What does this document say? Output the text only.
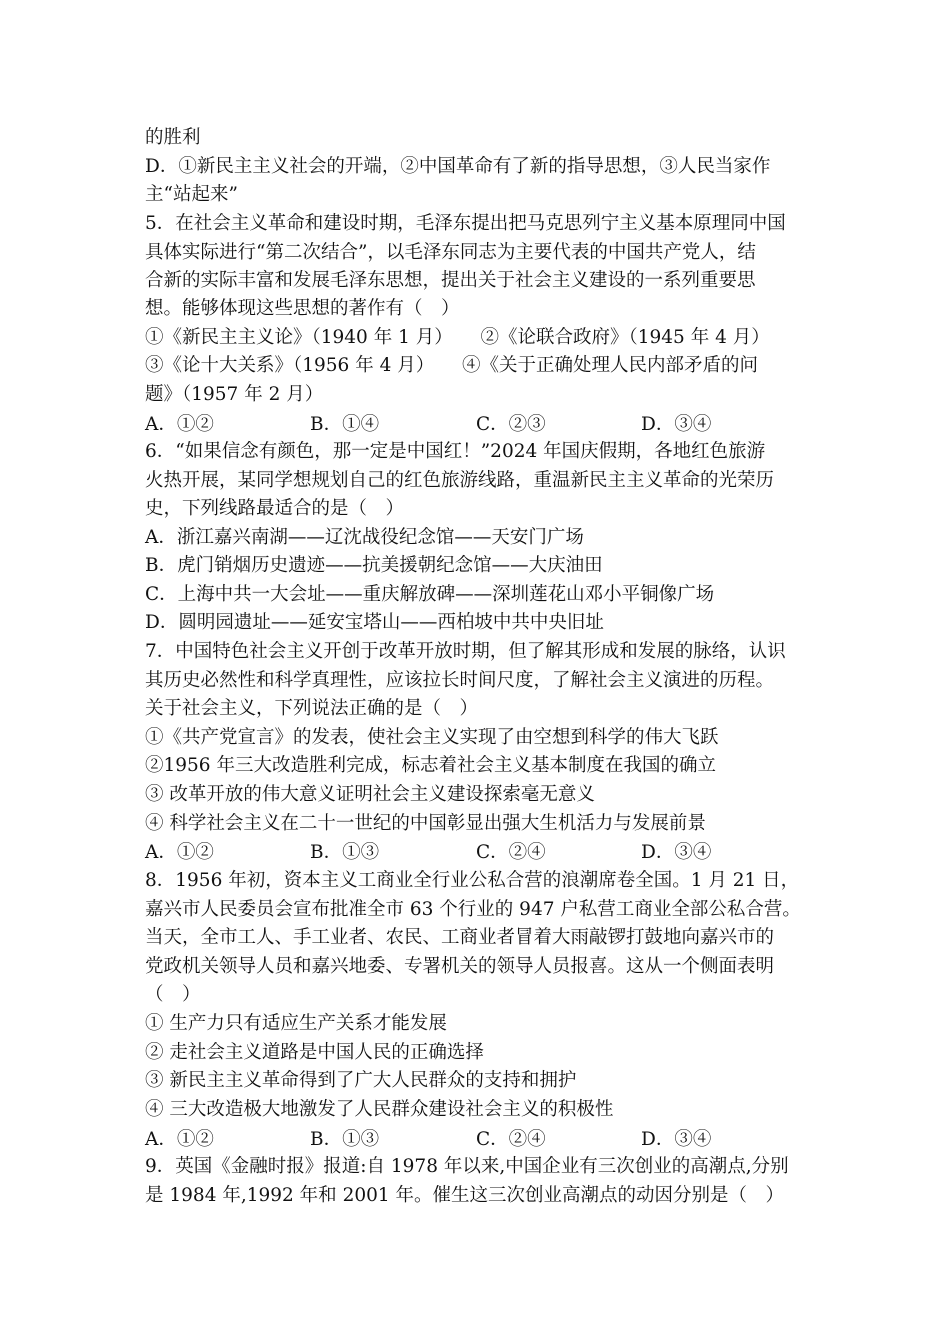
的胜利
D．①新民主主义社会的开端，②中国革命有了新的指导思想，③人民当家作
主“站起来”
5．在社会主义革命和建设时期，毛泽东提出把马克思列宁主义基本原理同中国
具体实际进行“第二次结合”，以毛泽东同志为主要代表的中国共产党人，结
合新的实际丰富和发展毛泽东思想，提出关于社会主义建设的一系列重要思
想。能够体现这些思想的著作有（　）
①《新民主主义论》（1940 年 1 月）　　②《论联合政府》（1945 年 4 月）
③《论十大关系》（1956 年 4 月）　　④《关于正确处理人民内部矛盾的问
题》（1957 年 2 月）
A．①②	B．①④	C．②③	D．③④
6．“如果信念有颜色，那一定是中国红！”2024 年国庆假期，各地红色旅游
火热开展，某同学想规划自己的红色旅游线路，重温新民主主义革命的光荣历
史，下列线路最适合的是（　）
A．浙江嘉兴南湖——辽沈战役纪念馆——天安门广场
B．虎门销烟历史遗迹——抗美援朝纪念馆——大庆油田
C．上海中共一大会址——重庆解放碑——深圳莲花山邓小平铜像广场
D．圆明园遗址——延安宝塔山——西柏坡中共中央旧址
7．中国特色社会主义开创于改革开放时期，但了解其形成和发展的脉络，认识
其历史必然性和科学真理性，应该拉长时间尺度，了解社会主义演进的历程。
关于社会主义，下列说法正确的是（　）
①《共产党宣言》的发表，使社会主义实现了由空想到科学的伟大飞跃
②1956 年三大改造胜利完成，标志着社会主义基本制度在我国的确立
③ 改革开放的伟大意义证明社会主义建设探索毫无意义
④ 科学社会主义在二十一世纪的中国彰显出强大生机活力与发展前景
A．①②	B．①③	C．②④	D．③④
8．1956 年初，资本主义工商业全行业公私合营的浪潮席卷全国。1 月 21 日，
嘉兴市人民委员会宣布批准全市 63 个行业的 947 户私营工商业全部公私合营。
当天，全市工人、手工业者、农民、工商业者冒着大雨敲锣打鼓地向嘉兴市的
党政机关领导人员和嘉兴地委、专署机关的领导人员报喜。这从一个侧面表明
（　）
① 生产力只有适应生产关系才能发展
② 走社会主义道路是中国人民的正确选择
③ 新民主主义革命得到了广大人民群众的支持和拥护
④ 三大改造极大地激发了人民群众建设社会主义的积极性
A．①②	B．①③	C．②④	D．③④
9．英国《金融时报》报道:自 1978 年以来,中国企业有三次创业的高潮点,分别
是 1984 年,1992 年和 2001 年。催生这三次创业高潮点的动因分别是（　）
